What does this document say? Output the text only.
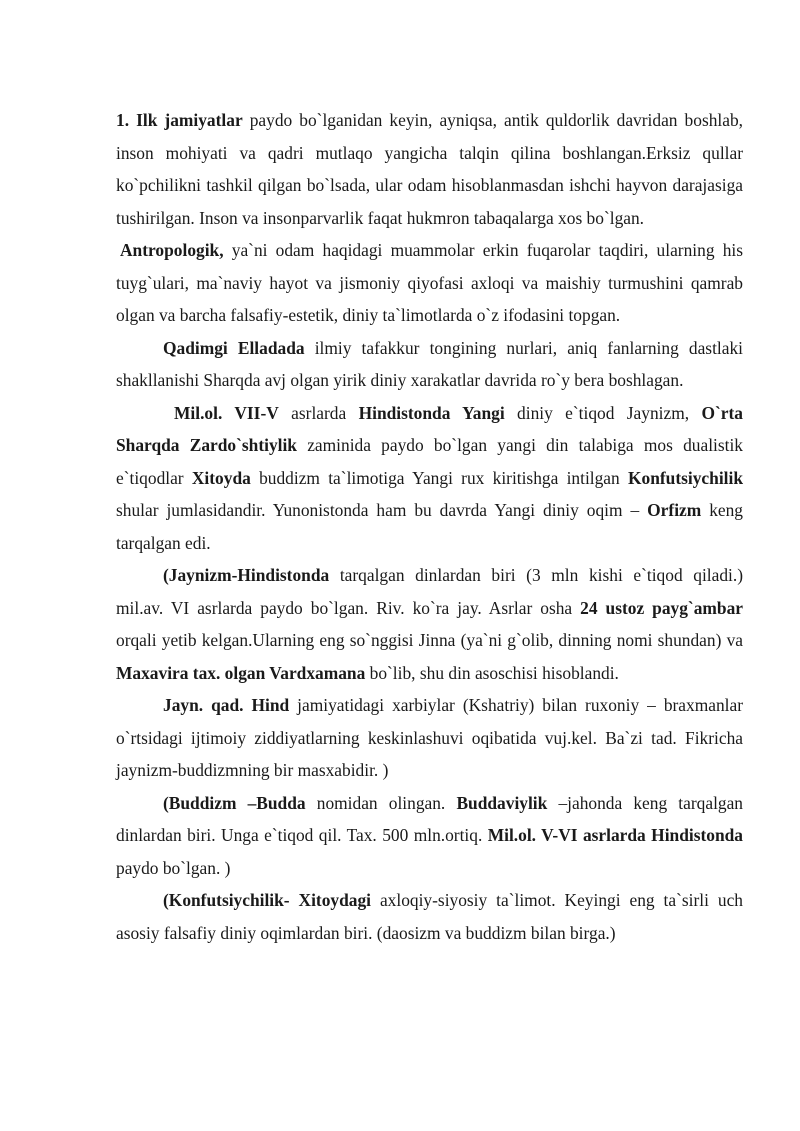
1. Ilk jamiyatlar paydo bo`lganidan keyin, ayniqsa, antik quldorlik davridan boshlab, inson mohiyati va qadri mutlaqo yangicha talqin qilina boshlangan.Erksiz qullar ko`pchilikni tashkil qilgan bo`lsada, ular odam hisoblanmasdan ishchi hayvon darajasiga tushirilgan. Inson va insonparvarlik faqat hukmron tabaqalarga xos bo`lgan.

Antropologik, ya`ni odam haqidagi muammolar erkin fuqarolar taqdiri, ularning his tuyg`ulari, ma`naviy hayot va jismoniy qiyofasi axloqi va maishiy turmushini qamrab olgan va barcha falsafiy-estetik, diniy ta`limotlarda o`z ifodasini topgan.

Qadimgi Elladada ilmiy tafakkur tongining nurlari, aniq fanlarning dastlaki shakllanishi Sharqda avj olgan yirik diniy xarakatlar davrida ro`y bera boshlagan.

Mil.ol. VII-V asrlarda Hindistonda Yangi diniy e`tiqod Jaynizm, O`rta Sharqda Zardo`shtiylik zaminida paydo bo`lgan yangi din talabiga mos dualistik e`tiqodlar Xitoyda buddizm ta`limotiga Yangi rux kiritishga intilgan Konfutsiychilik shular jumlasidandir. Yunonistonda ham bu davrda Yangi diniy oqim – Orfizm keng tarqalgan edi.

(Jaynizm-Hindistonda tarqalgan dinlardan biri (3 mln kishi e`tiqod qiladi.) mil.av. VI asrlarda paydo bo`lgan. Riv. ko`ra jay. Asrlar osha 24 ustoz payg`ambar orqali yetib kelgan.Ularning eng so`nggisi Jinna (ya`ni g`olib, dinning nomi shundan) va Maxavira tax. olgan Vardxamana bo`lib, shu din asoschisi hisoblandi.

Jayn. qad. Hind jamiyatidagi xarbiylar (Kshatriy) bilan ruxoniy – braxmanlar o`rtsidagi ijtimoiy ziddiyatlarning keskinlashuvi oqibatida vuj.kel. Ba`zi tad. Fikricha jaynizm-buddizmning bir masxabidir. )

(Buddizm –Budda nomidan olingan. Buddaviylik –jahonda keng tarqalgan dinlardan biri. Unga e`tiqod qil. Tax. 500 mln.ortiq. Mil.ol. V-VI asrlarda Hindistonda paydo bo`lgan. )

(Konfutsiychilik- Xitoydagi axloqiy-siyosiy ta`limot. Keyingi eng ta`sirli uch asosiy falsafiy diniy oqimlardan biri. (daosizm va buddizm bilan birga.)
